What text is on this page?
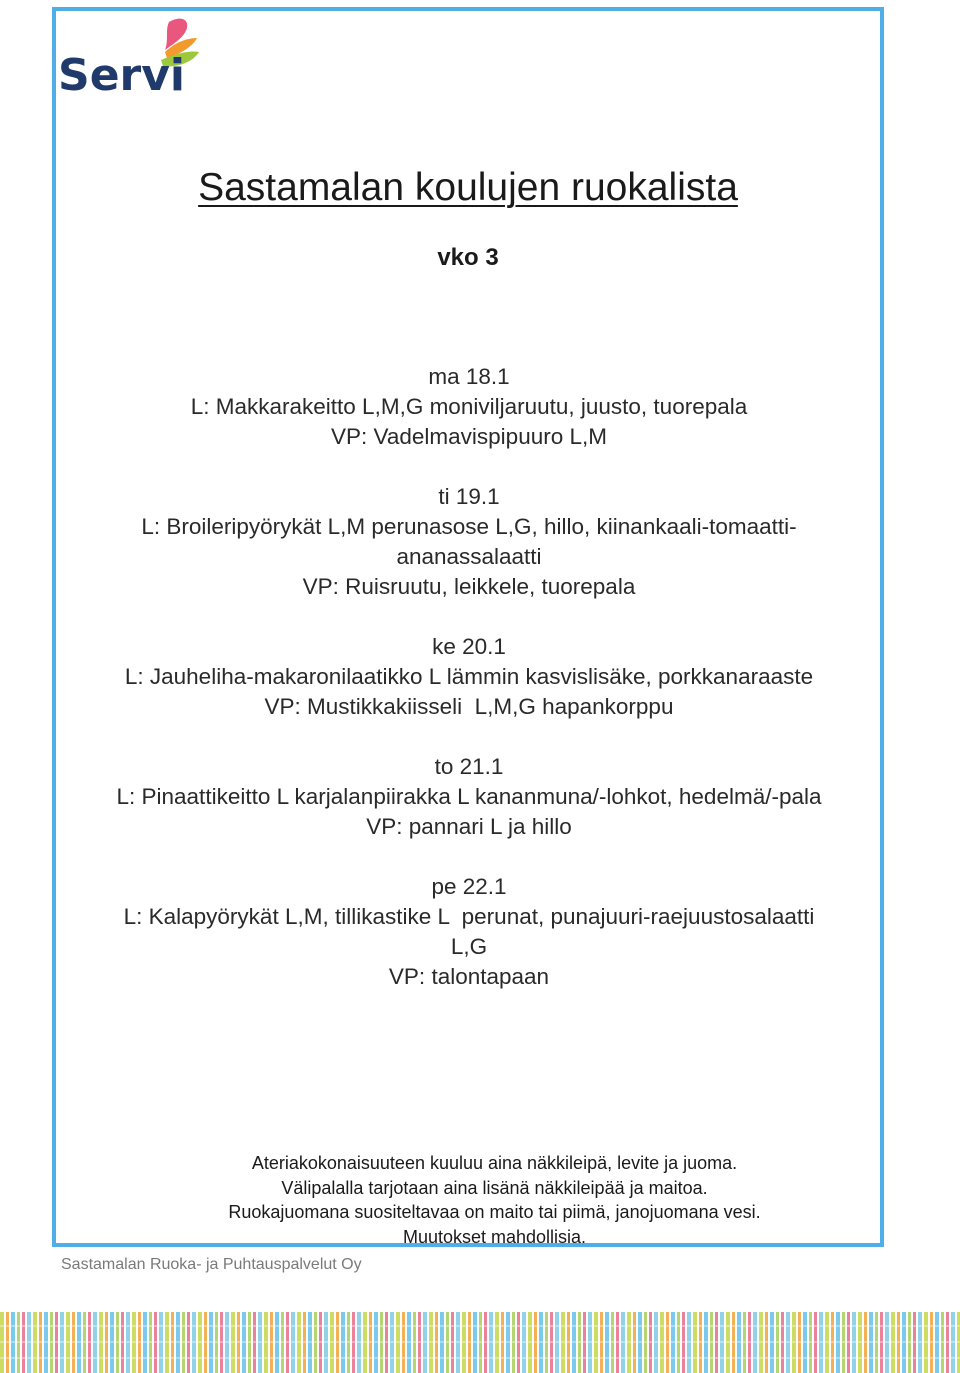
Servi
Sastamalan koulujen ruokalista
vko 3
ma 18.1
L: Makkarakeitto L,M,G moniviljaruutu, juusto, tuorepala
VP: Vadelmavispipuuro L,M
ti 19.1
L: Broileripyörykät L,M perunasose L,G, hillo, kiinankaali-tomaatti-
ananassalaatti
VP: Ruisruutu, leikkele, tuorepala
ke 20.1
L: Jauheliha-makaronilaatikko L lämmin kasvislisäke, porkkanaraaste
VP: Mustikkakiisseli  L,M,G hapankorppu
to 21.1
L: Pinaattikeitto L karjalanpiirakka L kananmuna/-lohkot, hedelmä/-pala
VP: pannari L ja hillo
pe 22.1
L: Kalapyörykät L,M, tillikastike L  perunat, punajuuri-raejuustosalaatti
L,G
VP: talontapaan
Ateriakokonaisuuteen kuuluu aina näkkileipä, levite ja juoma.
Välipalalla tarjotaan aina lisänä näkkileipää ja maitoa.
Ruokajuomana suositeltavaa on maito tai piimä, janojuomana vesi.
Muutokset mahdollisia.
Sastamalan Ruoka- ja Puhtauspalvelut Oy
